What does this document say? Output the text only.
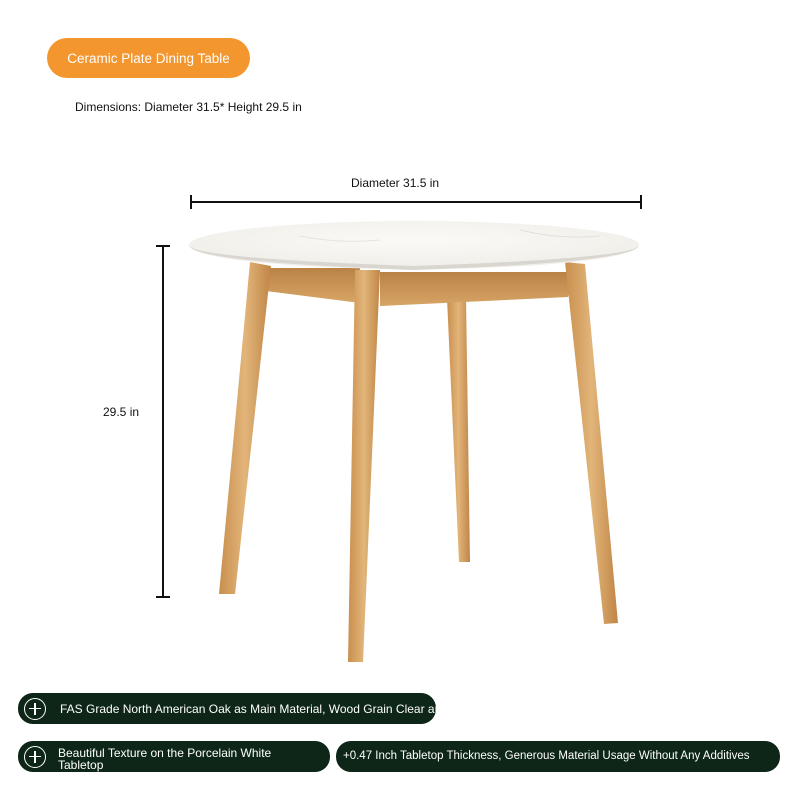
Ceramic Plate Dining Table
Dimensions: Diameter 31.5* Height 29.5 in
Diameter 31.5 in
29.5 in
FAS Grade North American Oak as Main Material, Wood Grain Clear and Smooth
Beautiful Texture on the Porcelain White
Tabletop
+0.47 Inch Tabletop Thickness, Generous Material Usage Without Any Additives
